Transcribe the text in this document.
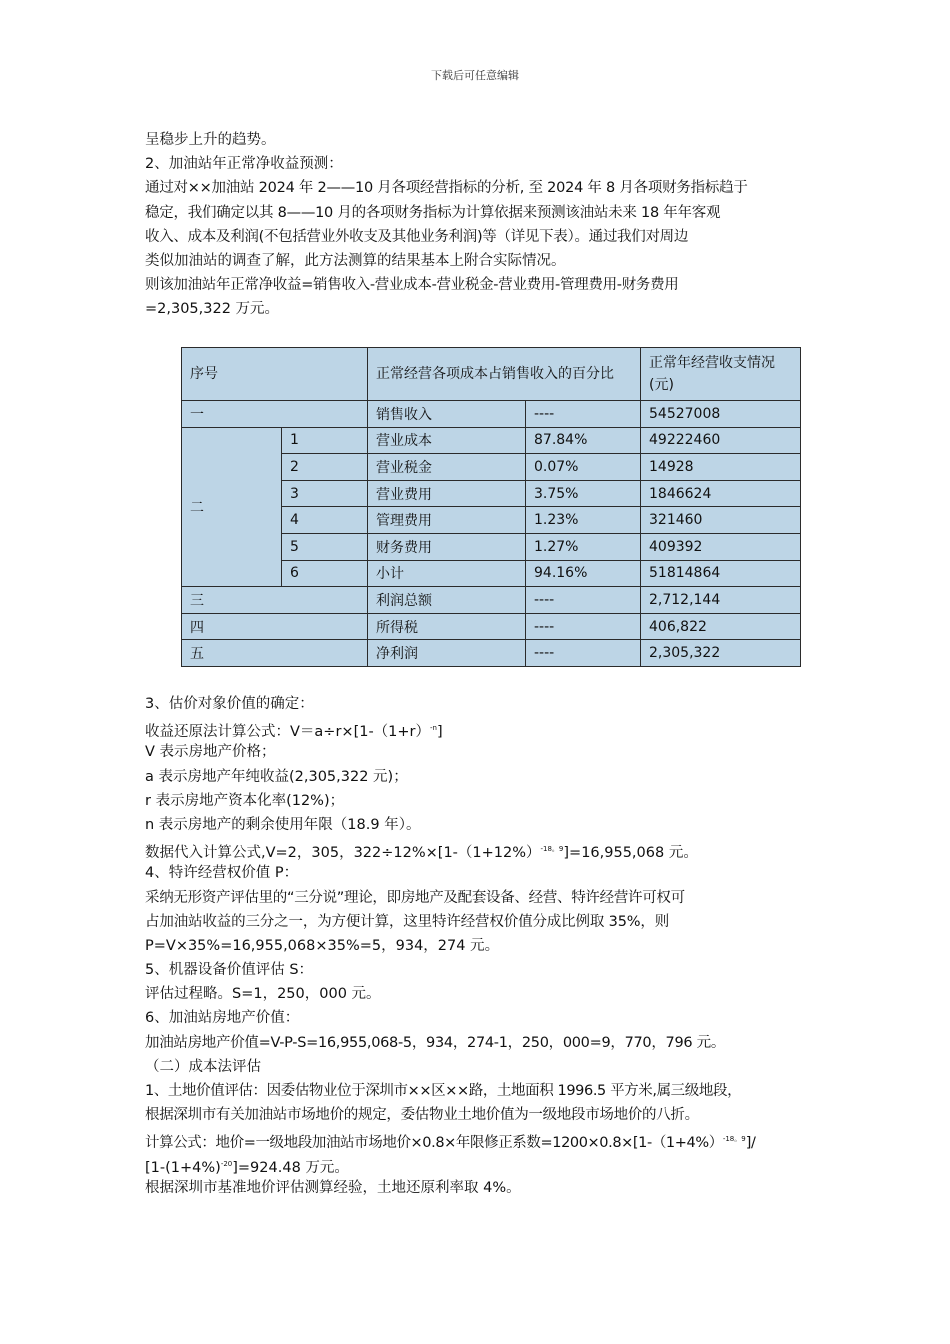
下载后可任意编辑
呈稳步上升的趋势。
2、加油站年正常净收益预测：
通过对××加油站 2024 年 2——10 月各项经营指标的分析, 至 2024 年 8 月各项财务指标趋于
稳定，我们确定以其 8——10 月的各项财务指标为计算依据来预测该油站未来 18 年年客观
收入、成本及利润(不包括营业外收支及其他业务利润)等（详见下表）。通过我们对周边
类似加油站的调查了解，此方法测算的结果基本上附合实际情况。
则该加油站年正常净收益=销售收入-营业成本-营业税金-营业费用-管理费用-财务费用
=2,305,322 万元。
序号		正常经营各项成本占销售收入的百分比		正常年经营收支情况(元)
一		销售收入	----	54527008
二	1	营业成本	87.84%	49222460
	2	营业税金	0.07%	14928
	3	营业费用	3.75%	1846624
	4	管理费用	1.23%	321460
	5	财务费用	1.27%	409392
	6	小计	94.16%	51814864
三		利润总额	----	2,712,144
四		所得税	----	406,822
五		净利润	----	2,305,322
3、估价对象价值的确定：
收益还原法计算公式：$V=a\div r\times[1-(1+r)^{-n}]$
V 表示房地产价格；
a 表示房地产年纯收益(2,305,322 元)；
r 表示房地产资本化率(12%)；
n 表示房地产的剩余使用年限（18.9 年）。
数据代入计算公式,V=2，305，$322\div 12\%\times[1-(1+12\%)^{-18。9}]=16,955,068$ 元。
4、特许经营权价值 P：
采纳无形资产评估里的“三分说”理论，即房地产及配套设备、经营、特许经营许可权可
占加油站收益的三分之一，为方便计算，这里特许经营权价值分成比例取 35%，则
P=V×35%=16,955,068×35%=5，934，274 元。
5、机器设备价值评估 S：
评估过程略。S=1，250，000 元。
6、加油站房地产价值：
加油站房地产价值=V-P-S=16,955,068-5，934，274-1，250，000=9，770，796 元。
（二）成本法评估
1、土地价值评估：因委估物业位于深圳市××区××路，土地面积 1996.5 平方米,属三级地段，
根据深圳市有关加油站市场地价的规定，委估物业土地价值为一级地段市场地价的八折。
计算公式：地价=一级地段加油站市场地价×0.8×年限修正系数$=1200\times 0.8\times[1-(1+4\%)^{-18。9}]/$
$[1-(1+4\%)^{-20}]=924.48$ 万元。
根据深圳市基准地价评估测算经验，土地还原利率取 4%。
